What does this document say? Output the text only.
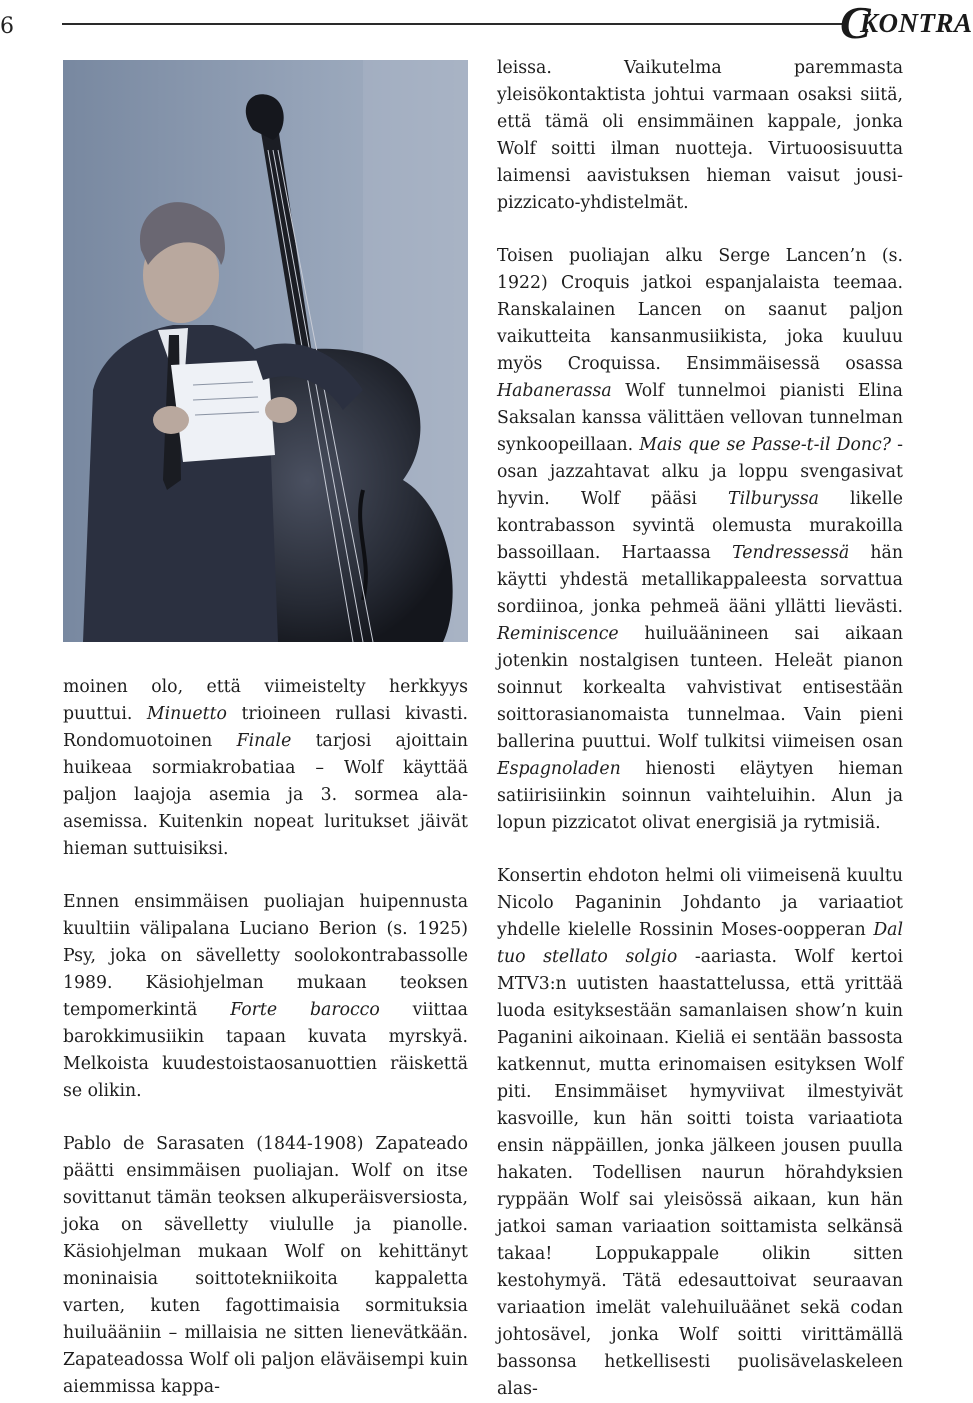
6	C
KONTRA

moinen olo, että viimeistelty herkkyys puuttui. Minuetto trioineen rullasi kivasti. Rondomuotoinen Finale tarjosi ajoittain huikeaa sormiakrobatiaa – Wolf käyttää paljon laajoja asemia ja 3. sormea ala-asemissa. Kuitenkin nopeat luritukset jäivät hieman suttuisiksi.

Ennen ensimmäisen puoliajan huipennusta kuultiin välipalana Luciano Berion (s. 1925) Psy, joka on sävelletty soolokontrabassolle 1989. Käsiohjelman mukaan teoksen tempomerkintä Forte barocco viittaa barokkimusiikin tapaan kuvata myrskyä. Melkoista kuudestoistaosanuottien räiskettä se olikin.

Pablo de Sarasaten (1844-1908) Zapateado päätti ensimmäisen puoliajan. Wolf on itse sovittanut tämän teoksen alkuperäisversiosta, joka on sävelletty viululle ja pianolle. Käsiohjelman mukaan Wolf on kehittänyt moninaisia soittotekniikoita kappaletta varten, kuten fagottimaisia sormituksia huiluääniin – millaisia ne sitten lienevätkään. Zapateadossa Wolf oli paljon eläväisempi kuin aiemmissa kappa-

leissa. Vaikutelma paremmasta yleisökontaktista johtui varmaan osaksi siitä, että tämä oli ensimmäinen kappale, jonka Wolf soitti ilman nuotteja. Virtuoosisuutta laimensi aavistuksen hieman vaisut jousi-pizzicato-yhdistelmät.

Toisen puoliajan alku Serge Lancen’n (s. 1922) Croquis jatkoi espanjalaista teemaa. Ranskalainen Lancen on saanut paljon vaikutteita kansanmusiikista, joka kuuluu myös Croquissa. Ensimmäisessä osassa Habanerassa Wolf tunnelmoi pianisti Elina Saksalan kanssa välittäen vellovan tunnelman synkoopeillaan. Mais que se Passe-t-il Donc? -osan jazzahtavat alku ja loppu svengasivat hyvin. Wolf pääsi Tilburyssa likelle kontrabasson syvintä olemusta murakoilla bassoillaan. Hartaassa Tendressessä hän käytti yhdestä metallikappaleesta sorvattua sordiinoa, jonka pehmeä ääni yllätti lievästi. Reminiscence huiluäänineen sai aikaan jotenkin nostalgisen tunteen. Heleät pianon soinnut korkealta vahvistivat entisestään soittorasianomaista tunnelmaa. Vain pieni ballerina puuttui. Wolf tulkitsi viimeisen osan Espagnoladen hienosti eläytyen hieman satiirisiinkin soinnun vaihteluihin. Alun ja lopun pizzicatot olivat energisiä ja rytmisiä.

Konsertin ehdoton helmi oli viimeisenä kuultu Nicolo Paganinin Johdanto ja variaatiot yhdelle kielelle Rossinin Moses-oopperan Dal tuo stellato solgio -aariasta. Wolf kertoi MTV3:n uutisten haastattelussa, että yrittää luoda esityksestään samanlaisen show’n kuin Paganini aikoinaan. Kieliä ei sentään bassosta katkennut, mutta erinomaisen esityksen Wolf piti. Ensimmäiset hymyviivat ilmestyivät kasvoille, kun hän soitti toista variaatiota ensin näppäillen, jonka jälkeen jousen puulla hakaten. Todellisen naurun hörahdyksien ryppään Wolf sai yleisössä aikaan, kun hän jatkoi saman variaation soittamista selkänsä takaa! Loppukappale olikin sitten kestohymyä. Tätä edesauttoivat seuraavan variaation imelät valehuiluäänet sekä codan johtosävel, jonka Wolf soitti virittämällä bassonsa hetkellisesti puolisävelaskeleen alas-
